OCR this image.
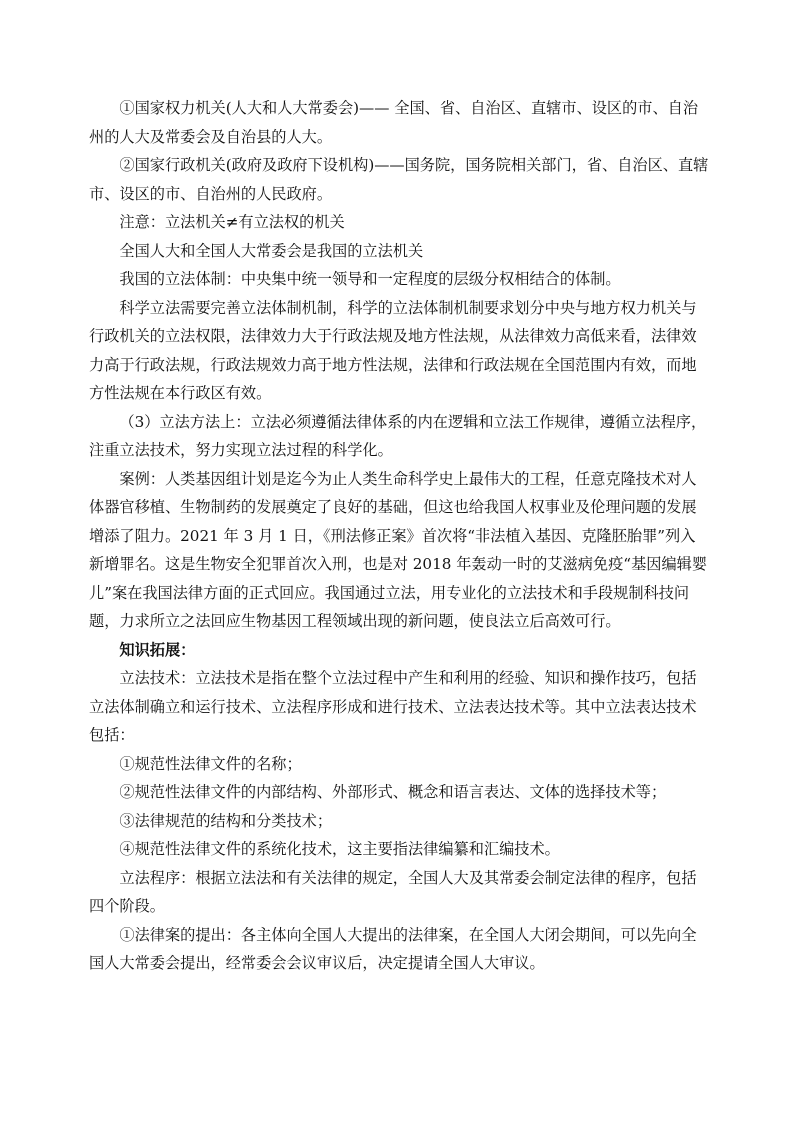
①国家权力机关(人大和人大常委会)—— 全国、省、自治区、直辖市、设区的市、自治州的人大及常委会及自治县的人大。

②国家行政机关(政府及政府下设机构)——国务院，国务院相关部门，省、自治区、直辖市、设区的市、自治州的人民政府。

注意：立法机关≠有立法权的机关

全国人大和全国人大常委会是我国的立法机关

我国的立法体制：中央集中统一领导和一定程度的层级分权相结合的体制。

科学立法需要完善立法体制机制，科学的立法体制机制要求划分中央与地方权力机关与行政机关的立法权限，法律效力大于行政法规及地方性法规，从法律效力高低来看，法律效力高于行政法规，行政法规效力高于地方性法规，法律和行政法规在全国范围内有效，而地方性法规在本行政区有效。

（3）立法方法上：立法必须遵循法律体系的内在逻辑和立法工作规律，遵循立法程序，注重立法技术，努力实现立法过程的科学化。

案例：人类基因组计划是迄今为止人类生命科学史上最伟大的工程，任意克隆技术对人体器官移植、生物制药的发展奠定了良好的基础，但这也给我国人权事业及伦理问题的发展增添了阻力。2021 年 3 月 1 日，《刑法修正案》首次将“非法植入基因、克隆胚胎罪”列入新增罪名。这是生物安全犯罪首次入刑，也是对 2018 年轰动一时的艾滋病免疫“基因编辑婴儿”案在我国法律方面的正式回应。我国通过立法，用专业化的立法技术和手段规制科技问题，力求所立之法回应生物基因工程领域出现的新问题，使良法立后高效可行。

知识拓展：

立法技术：立法技术是指在整个立法过程中产生和利用的经验、知识和操作技巧，包括立法体制确立和运行技术、立法程序形成和进行技术、立法表达技术等。其中立法表达技术包括：

①规范性法律文件的名称；

②规范性法律文件的内部结构、外部形式、概念和语言表达、文体的选择技术等；

③法律规范的结构和分类技术；

④规范性法律文件的系统化技术，这主要指法律编纂和汇编技术。

立法程序：根据立法法和有关法律的规定，全国人大及其常委会制定法律的程序，包括四个阶段。

①法律案的提出：各主体向全国人大提出的法律案，在全国人大闭会期间，可以先向全国人大常委会提出，经常委会会议审议后，决定提请全国人大审议。
